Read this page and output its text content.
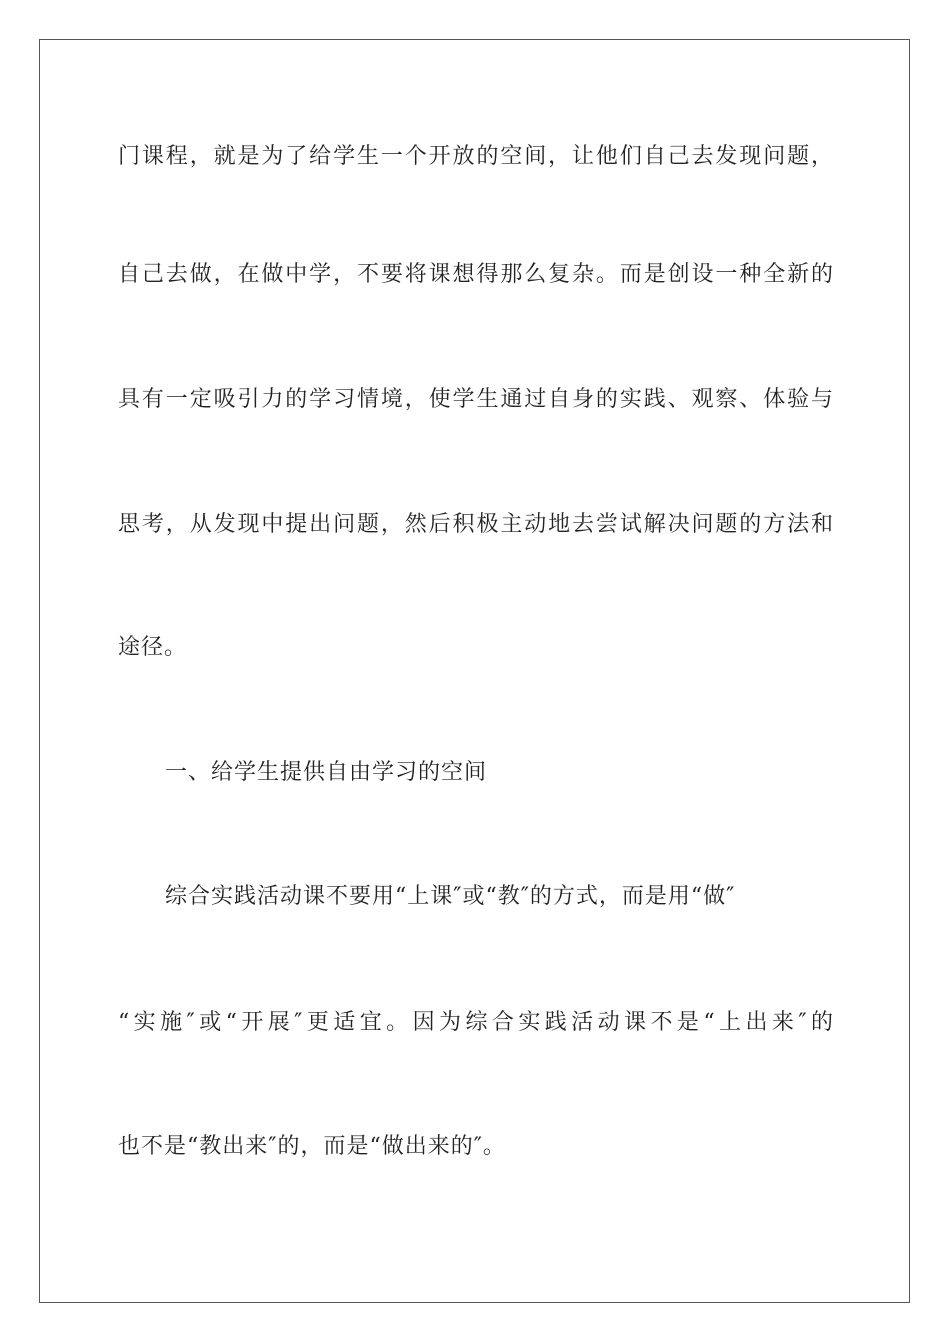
门课程，就是为了给学生一个开放的空间，让他们自己去发现问题，
自己去做，在做中学，不要将课想得那么复杂。而是创设一种全新的
具有一定吸引力的学习情境，使学生通过自身的实践、观察、体验与
思考，从发现中提出问题，然后积极主动地去尝试解决问题的方法和
途径。
一、给学生提供自由学习的空间
综合实践活动课不要用“上课″或“教″的方式，而是用“做″
“实施″或“开展″更适宜。因为综合实践活动课不是“上出来″的
也不是“教出来″的，而是“做出来的″。
